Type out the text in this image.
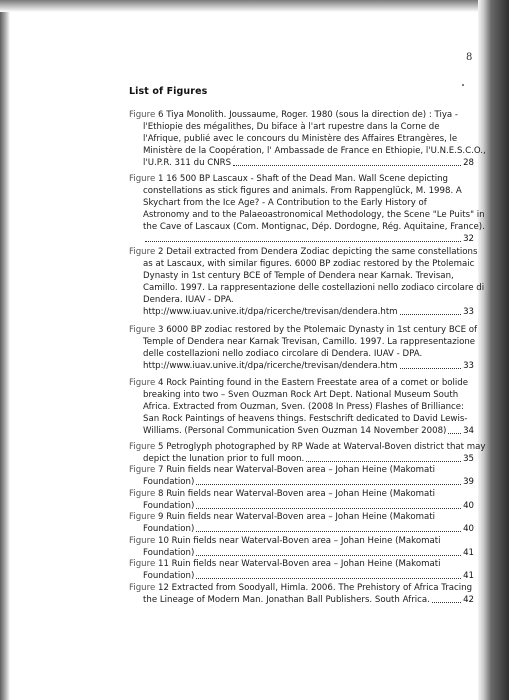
8
List of Figures
Figure 6 Tiya Monolith. Joussaume, Roger. 1980 (sous la direction de) : Tiya -
l'Ethiopie des mégalithes, Du biface à l'art rupestre dans la Corne de
l'Afrique, publié avec le concours du Ministère des Affaires Etrangères, le
Ministère de la Coopération, l' Ambassade de France en Ethiopie, l'U.N.E.S.C.O.,
l'U.P.R. 311 du CNRS	28
Figure 1 16 500 BP Lascaux - Shaft of the Dead Man. Wall Scene depicting
constellations as stick figures and animals. From Rappenglück, M. 1998. A
Skychart from the Ice Age? - A Contribution to the Early History of
Astronomy and to the Palaeoastronomical Methodology, the Scene "Le Puits" in
the Cave of Lascaux (Com. Montignac, Dép. Dordogne, Rég. Aquitaine, France).
32
Figure 2 Detail extracted from Dendera Zodiac depicting the same constellations
as at Lascaux, with similar figures. 6000 BP zodiac restored by the Ptolemaic
Dynasty in 1st century BCE of Temple of Dendera near Karnak. Trevisan,
Camillo. 1997. La rappresentazione delle costellazioni nello zodiaco circolare di
Dendera. IUAV - DPA.
http://www.iuav.unive.it/dpa/ricerche/trevisan/dendera.htm	33
Figure 3 6000 BP zodiac restored by the Ptolemaic Dynasty in 1st century BCE of
Temple of Dendera near Karnak Trevisan, Camillo. 1997. La rappresentazione
delle costellazioni nello zodiaco circolare di Dendera. IUAV - DPA.
http://www.iuav.unive.it/dpa/ricerche/trevisan/dendera.htm	33
Figure 4 Rock Painting found in the Eastern Freestate area of a comet or bolide
breaking into two – Sven Ouzman Rock Art Dept. National Museum South
Africa. Extracted from Ouzman, Sven. (2008 In Press) Flashes of Brilliance:
San Rock Paintings of heavens things. Festschrift dedicated to David Lewis-
Williams. (Personal Communication Sven Ouzman 14 November 2008) 34
Figure 5 Petroglyph photographed by RP Wade at Waterval-Boven district that may
depict the lunation prior to full moon.	35
Figure 7 Ruin fields near Waterval-Boven area – Johan Heine (Makomati
Foundation)	39
Figure 8 Ruin fields near Waterval-Boven area – Johan Heine (Makomati
Foundation)	40
Figure 9 Ruin fields near Waterval-Boven area – Johan Heine (Makomati
Foundation)	40
Figure 10 Ruin fields near Waterval-Boven area – Johan Heine (Makomati
Foundation)	41
Figure 11 Ruin fields near Waterval-Boven area – Johan Heine (Makomati
Foundation)	41
Figure 12 Extracted from Soodyall, Himla. 2006. The Prehistory of Africa Tracing
the Lineage of Modern Man. Jonathan Ball Publishers. South Africa.	42
